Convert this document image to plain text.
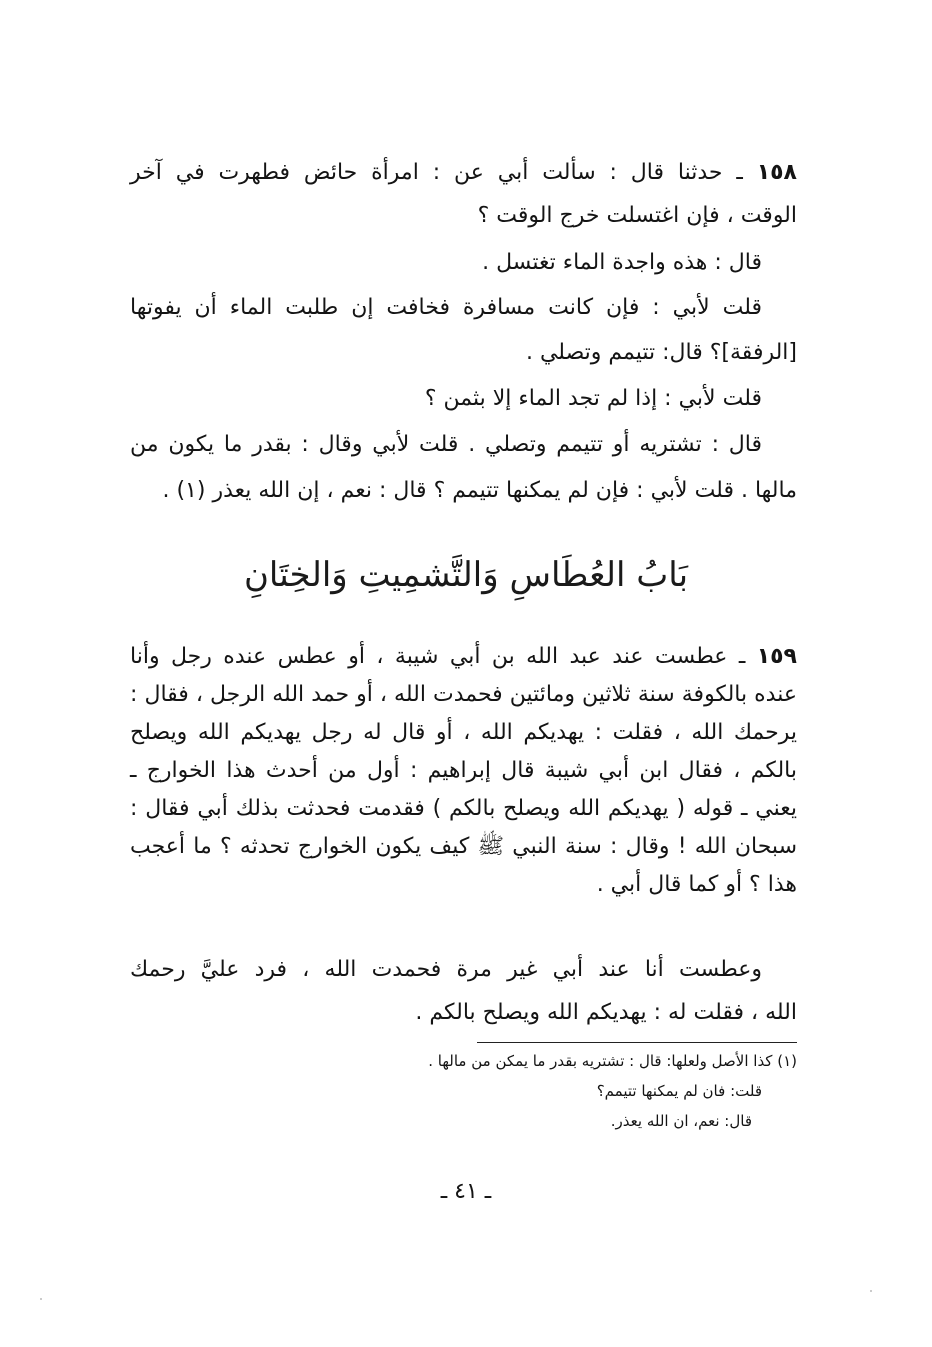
١٥٨ ـ حدثنا قال : سألت أبي عن : امرأة حائض فطهرت في آخر
الوقت ، فإن اغتسلت خرج الوقت ؟
قال : هذه واجدة الماء تغتسل .
قلت لأبي : فإن كانت مسافرة فخافت إن طلبت الماء أن يفوتها
[الرفقة]؟ قال: تتيمم وتصلي .
قلت لأبي : إذا لم تجد الماء إلا بثمن ؟
قال : تشتريه أو تتيمم وتصلي . قلت لأبي وقال : بقدر ما يكون من
مالها . قلت لأبي : فإن لم يمكنها تتيمم ؟ قال : نعم ، إن الله يعذر (١) .
بَابُ العُطَاسِ وَالتَّشمِيتِ وَالخِتَانِ
١٥٩ ـ عطست عند عبد الله بن أبي شيبة ، أو عطس عنده رجل وأنا
عنده بالكوفة سنة ثلاثين ومائتين فحمدت الله ، أو حمد الله الرجل ، فقال :
يرحمك الله ، فقلت : يهديكم الله ، أو قال له رجل يهديكم الله ويصلح
بالكم ، فقال ابن أبي شيبة قال إبراهيم : أول من أحدث هذا الخوارج ـ
يعني ـ قوله ( يهديكم الله ويصلح بالكم ) فقدمت فحدثت بذلك أبي فقال :
سبحان الله ! وقال : سنة النبي ﷺ كيف يكون الخوارج تحدثه ؟ ما أعجب
هذا ؟ أو كما قال أبي .
وعطست أنا عند أبي غير مرة فحمدت الله ، فرد عليَّ رحمك
الله ، فقلت له : يهديكم الله ويصلح بالكم .
(١) كذا الأصل ولعلها: قال : تشتريه بقدر ما يمكن من مالها .
قلت: فان لم يمكنها تتيمم؟
قال: نعم، ان الله يعذر.
ـ ٤١ ـ
